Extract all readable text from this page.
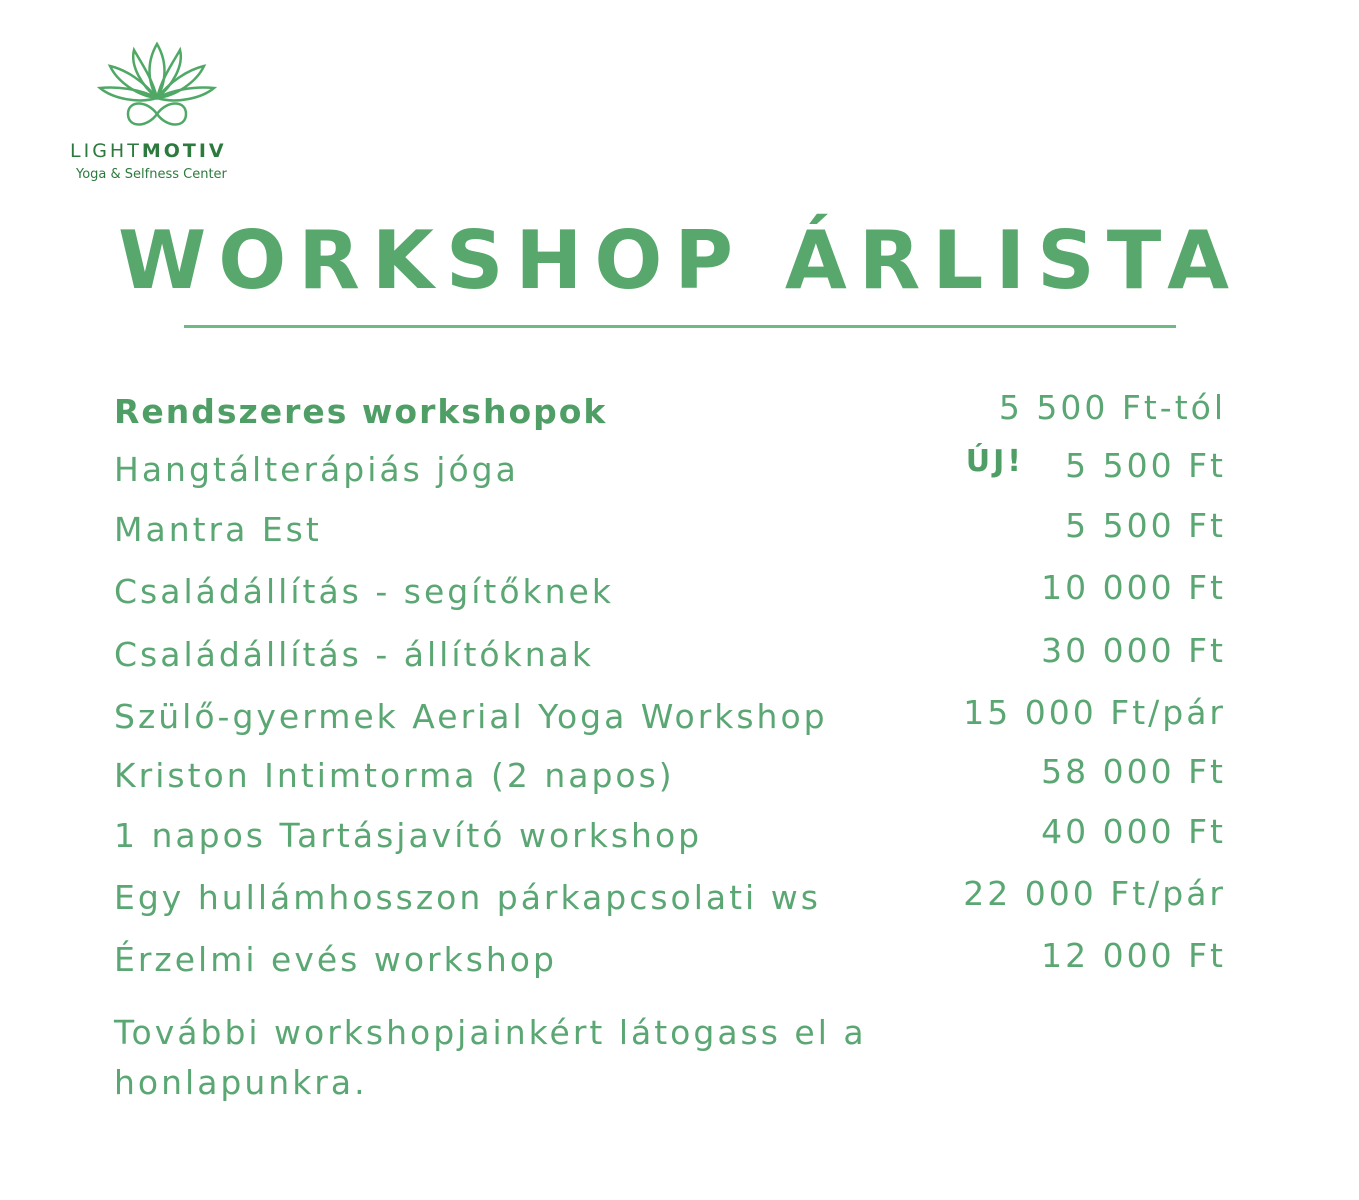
LIGHTMOTIV
Yoga & Selfness Center
WORKSHOP ÁRLISTA
Rendszeres workshopok	5 500 Ft-tól
Hangtálterápiás jóga	ÚJ! 5 500 Ft
Mantra Est	5 500 Ft
Családállítás - segítőknek	10 000 Ft
Családállítás - állítóknak	30 000 Ft
Szülő-gyermek Aerial Yoga Workshop	15 000 Ft/pár
Kriston Intimtorma (2 napos)	58 000 Ft
1 napos Tartásjavító workshop	40 000 Ft
Egy hullámhosszon párkapcsolati ws	22 000 Ft/pár
Érzelmi evés workshop	12 000 Ft
További workshopjainkért látogass el a honlapunkra.
